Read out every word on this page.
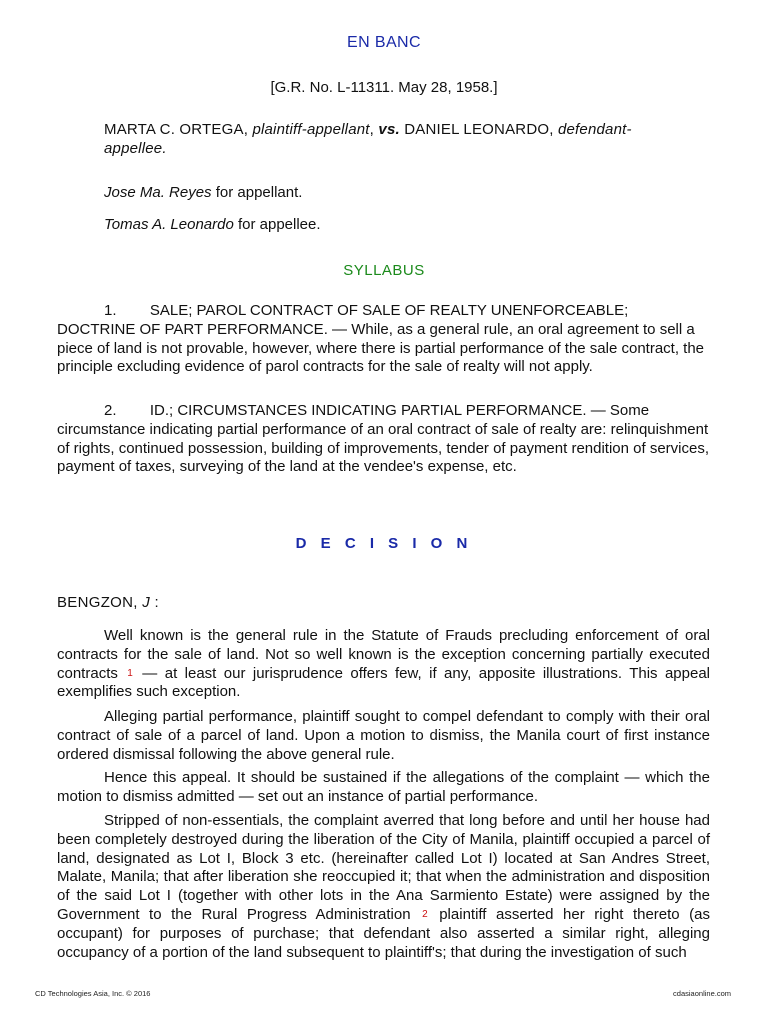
EN BANC
[G.R. No. L-11311. May 28, 1958.]
MARTA C. ORTEGA, plaintiff-appellant, vs. DANIEL LEONARDO, defendant-appellee.
Jose Ma. Reyes for appellant.
Tomas A. Leonardo for appellee.
SYLLABUS

1.        SALE; PAROL CONTRACT OF SALE OF REALTY UNENFORCEABLE; DOCTRINE OF PART PERFORMANCE. — While, as a general rule, an oral agreement to sell a piece of land is not provable, however, where there is partial performance of the sale contract, the principle excluding evidence of parol contracts for the sale of realty will not apply.

2.        ID.; CIRCUMSTANCES INDICATING PARTIAL PERFORMANCE. — Some circumstance indicating partial performance of an oral contract of sale of realty are: relinquishment of rights, continued possession, building of improvements, tender of payment rendition of services, payment of taxes, surveying of the land at the vendee's expense, etc.

D E C I S I O N
BENGZON, J :

Well known is the general rule in the Statute of Frauds precluding enforcement of oral contracts for the sale of land. Not so well known is the exception concerning partially executed contracts 1 — at least our jurisprudence offers few, if any, apposite illustrations. This appeal exemplifies such exception.

Alleging partial performance, plaintiff sought to compel defendant to comply with their oral contract of sale of a parcel of land. Upon a motion to dismiss, the Manila court of first instance ordered dismissal following the above general rule.

Hence this appeal. It should be sustained if the allegations of the complaint — which the motion to dismiss admitted — set out an instance of partial performance.

Stripped of non-essentials, the complaint averred that long before and until her house had been completely destroyed during the liberation of the City of Manila, plaintiff occupied a parcel of land, designated as Lot I, Block 3 etc. (hereinafter called Lot I) located at San Andres Street, Malate, Manila; that after liberation she reoccupied it; that when the administration and disposition of the said Lot I (together with other lots in the Ana Sarmiento Estate) were assigned by the Government to the Rural Progress Administration 2 plaintiff asserted her right thereto (as occupant) for purposes of purchase; that defendant also asserted a similar right, alleging occupancy of a portion of the land subsequent to plaintiff's; that during the investigation of such

CD Technologies Asia, Inc. © 2016	cdasiaonline.com
